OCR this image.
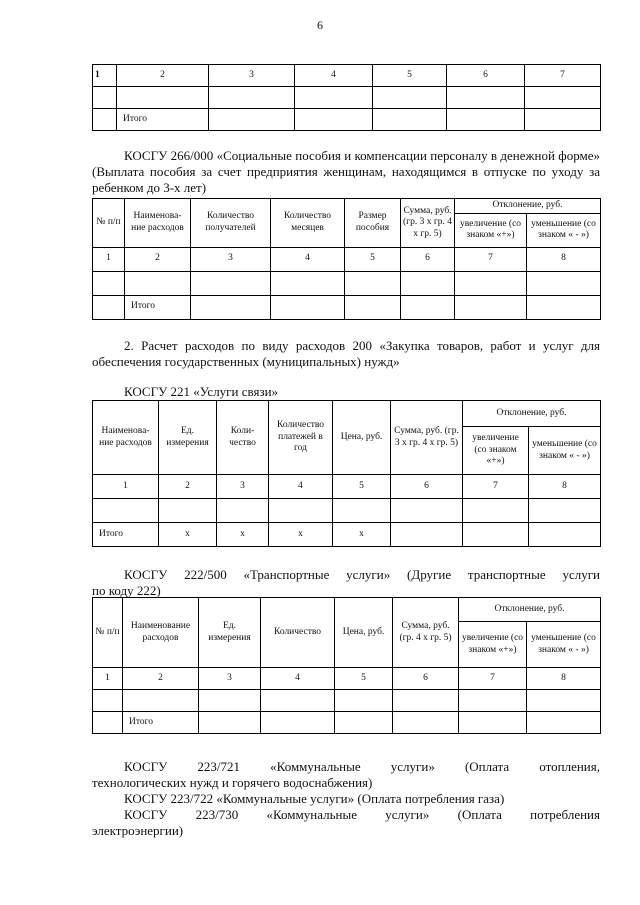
6
1	2	3	4	5	6	7

	Итого					

КОСГУ 266/000 «Социальные пособия и компенсации персоналу в денежной форме» (Выплата пособия за счет предприятия женщинам, находящимся в отпуске по уходу за ребенком до 3-х лет)

№ п/п	Наименова-ние расходов	Количество получателей	Количество месяцев	Размер пособия	Сумма, руб. (гр. 3 х гр. 4 х гр. 5)	Отклонение, руб.	
						увеличение (со знаком «+»)	уменьшение (со знаком « - »)
1	2	3	4	5	6	7	8

	Итого						

2. Расчет расходов по виду расходов 200 «Закупка товаров, работ и услуг для обеспечения государственных (муниципальных) нужд»

КОСГУ 221 «Услуги связи»

Наименова-ние расходов	Ед. измерения	Коли-чество	Количество платежей в год	Цена, руб.	Сумма, руб. (гр. 3 х гр. 4 х гр. 5)	Отклонение, руб.	
						увеличение (со знаком «+»)	уменьшение (со знаком « - »)
1	2	3	4	5	6	7	8

Итого	х	х	х	х			

КОСГУ 222/500 «Транспортные услуги» (Другие транспортные услуги

по коду 222)

№ п/п	Наименование расходов	Ед. измерения	Количество	Цена, руб.	Сумма, руб. (гр. 4 х гр. 5)	Отклонение, руб.	
						увеличение (со знаком «+»)	уменьшение (со знаком « - »)
1	2	3	4	5	6	7	8

	Итого						

КОСГУ 223/721 «Коммунальные услуги» (Оплата отопления,

технологических нужд и горячего водоснабжения)

КОСГУ 223/722 «Коммунальные услуги» (Оплата потребления газа)

КОСГУ 223/730 «Коммунальные услуги» (Оплата потребления

электроэнергии)
